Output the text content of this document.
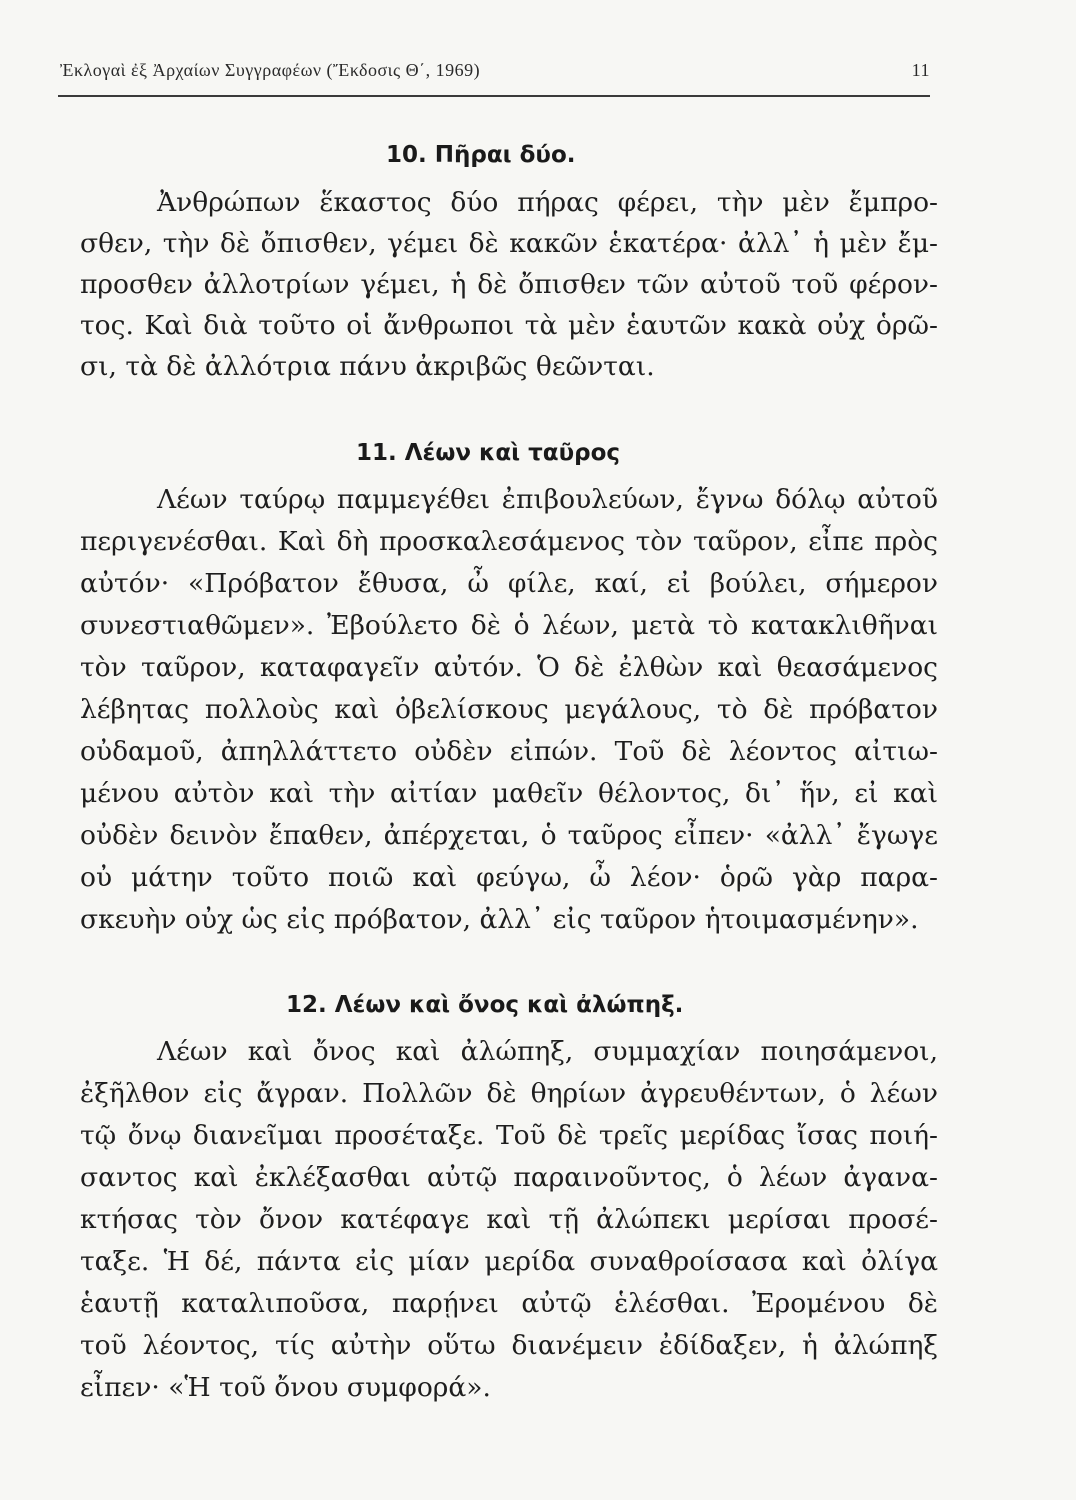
Ἐκλογαὶ ἐξ Ἀρχαίων Συγγραφέων (Ἔκδοσις Θ΄, 1969)	11
10. Πῆραι δύο.
Ἀνθρώπων ἕκαστος δύο πήρας φέρει, τὴν μὲν ἔμπρο-
σθεν, τὴν δὲ ὄπισθεν, γέμει δὲ κακῶν ἑκατέρα· ἀλλ᾽ ἡ μὲν ἔμ-
προσθεν ἀλλοτρίων γέμει, ἡ δὲ ὄπισθεν τῶν αὐτοῦ τοῦ φέρον-
τος. Καὶ διὰ τοῦτο οἱ ἄνθρωποι τὰ μὲν ἑαυτῶν κακὰ οὐχ ὁρῶ-
σι, τὰ δὲ ἀλλότρια πάνυ ἀκριβῶς θεῶνται.
11. Λέων καὶ ταῦρος
Λέων ταύρῳ παμμεγέθει ἐπιβουλεύων, ἔγνω δόλῳ αὐτοῦ
περιγενέσθαι. Καὶ δὴ προσκαλεσάμενος τὸν ταῦρον, εἶπε πρὸς
αὐτόν· «Πρόβατον ἔθυσα, ὦ φίλε, καί, εἰ βούλει, σήμερον
συνεστιαθῶμεν». Ἐβούλετο δὲ ὁ λέων, μετὰ τὸ κατακλιθῆναι
τὸν ταῦρον, καταφαγεῖν αὐτόν. Ὁ δὲ ἐλθὼν καὶ θεασάμενος
λέβητας πολλοὺς καὶ ὀβελίσκους μεγάλους, τὸ δὲ πρόβατον
οὐδαμοῦ, ἀπηλλάττετο οὐδὲν εἰπών. Τοῦ δὲ λέοντος αἰτιω-
μένου αὐτὸν καὶ τὴν αἰτίαν μαθεῖν θέλοντος, δι᾽ ἥν, εἰ καὶ
οὐδὲν δεινὸν ἔπαθεν, ἀπέρχεται, ὁ ταῦρος εἶπεν· «ἀλλ᾽ ἔγωγε
οὐ μάτην τοῦτο ποιῶ καὶ φεύγω, ὦ λέον· ὁρῶ γὰρ παρα-
σκευὴν οὐχ ὡς εἰς πρόβατον, ἀλλ᾽ εἰς ταῦρον ἡτοιμασμένην».
12. Λέων καὶ ὄνος καὶ ἀλώπηξ.
Λέων καὶ ὄνος καὶ ἀλώπηξ, συμμαχίαν ποιησάμενοι,
ἐξῆλθον εἰς ἄγραν. Πολλῶν δὲ θηρίων ἀγρευθέντων, ὁ λέων
τῷ ὄνῳ διανεῖμαι προσέταξε. Τοῦ δὲ τρεῖς μερίδας ἴσας ποιή-
σαντος καὶ ἐκλέξασθαι αὐτῷ παραινοῦντος, ὁ λέων ἀγανα-
κτήσας τὸν ὄνον κατέφαγε καὶ τῇ ἀλώπεκι μερίσαι προσέ-
ταξε. Ἡ δέ, πάντα εἰς μίαν μερίδα συναθροίσασα καὶ ὀλίγα
ἑαυτῇ καταλιποῦσα, παρῄνει αὐτῷ ἑλέσθαι. Ἐρομένου δὲ
τοῦ λέοντος, τίς αὐτὴν οὕτω διανέμειν ἐδίδαξεν, ἡ ἀλώπηξ
εἶπεν· «Ἡ τοῦ ὄνου συμφορά».
